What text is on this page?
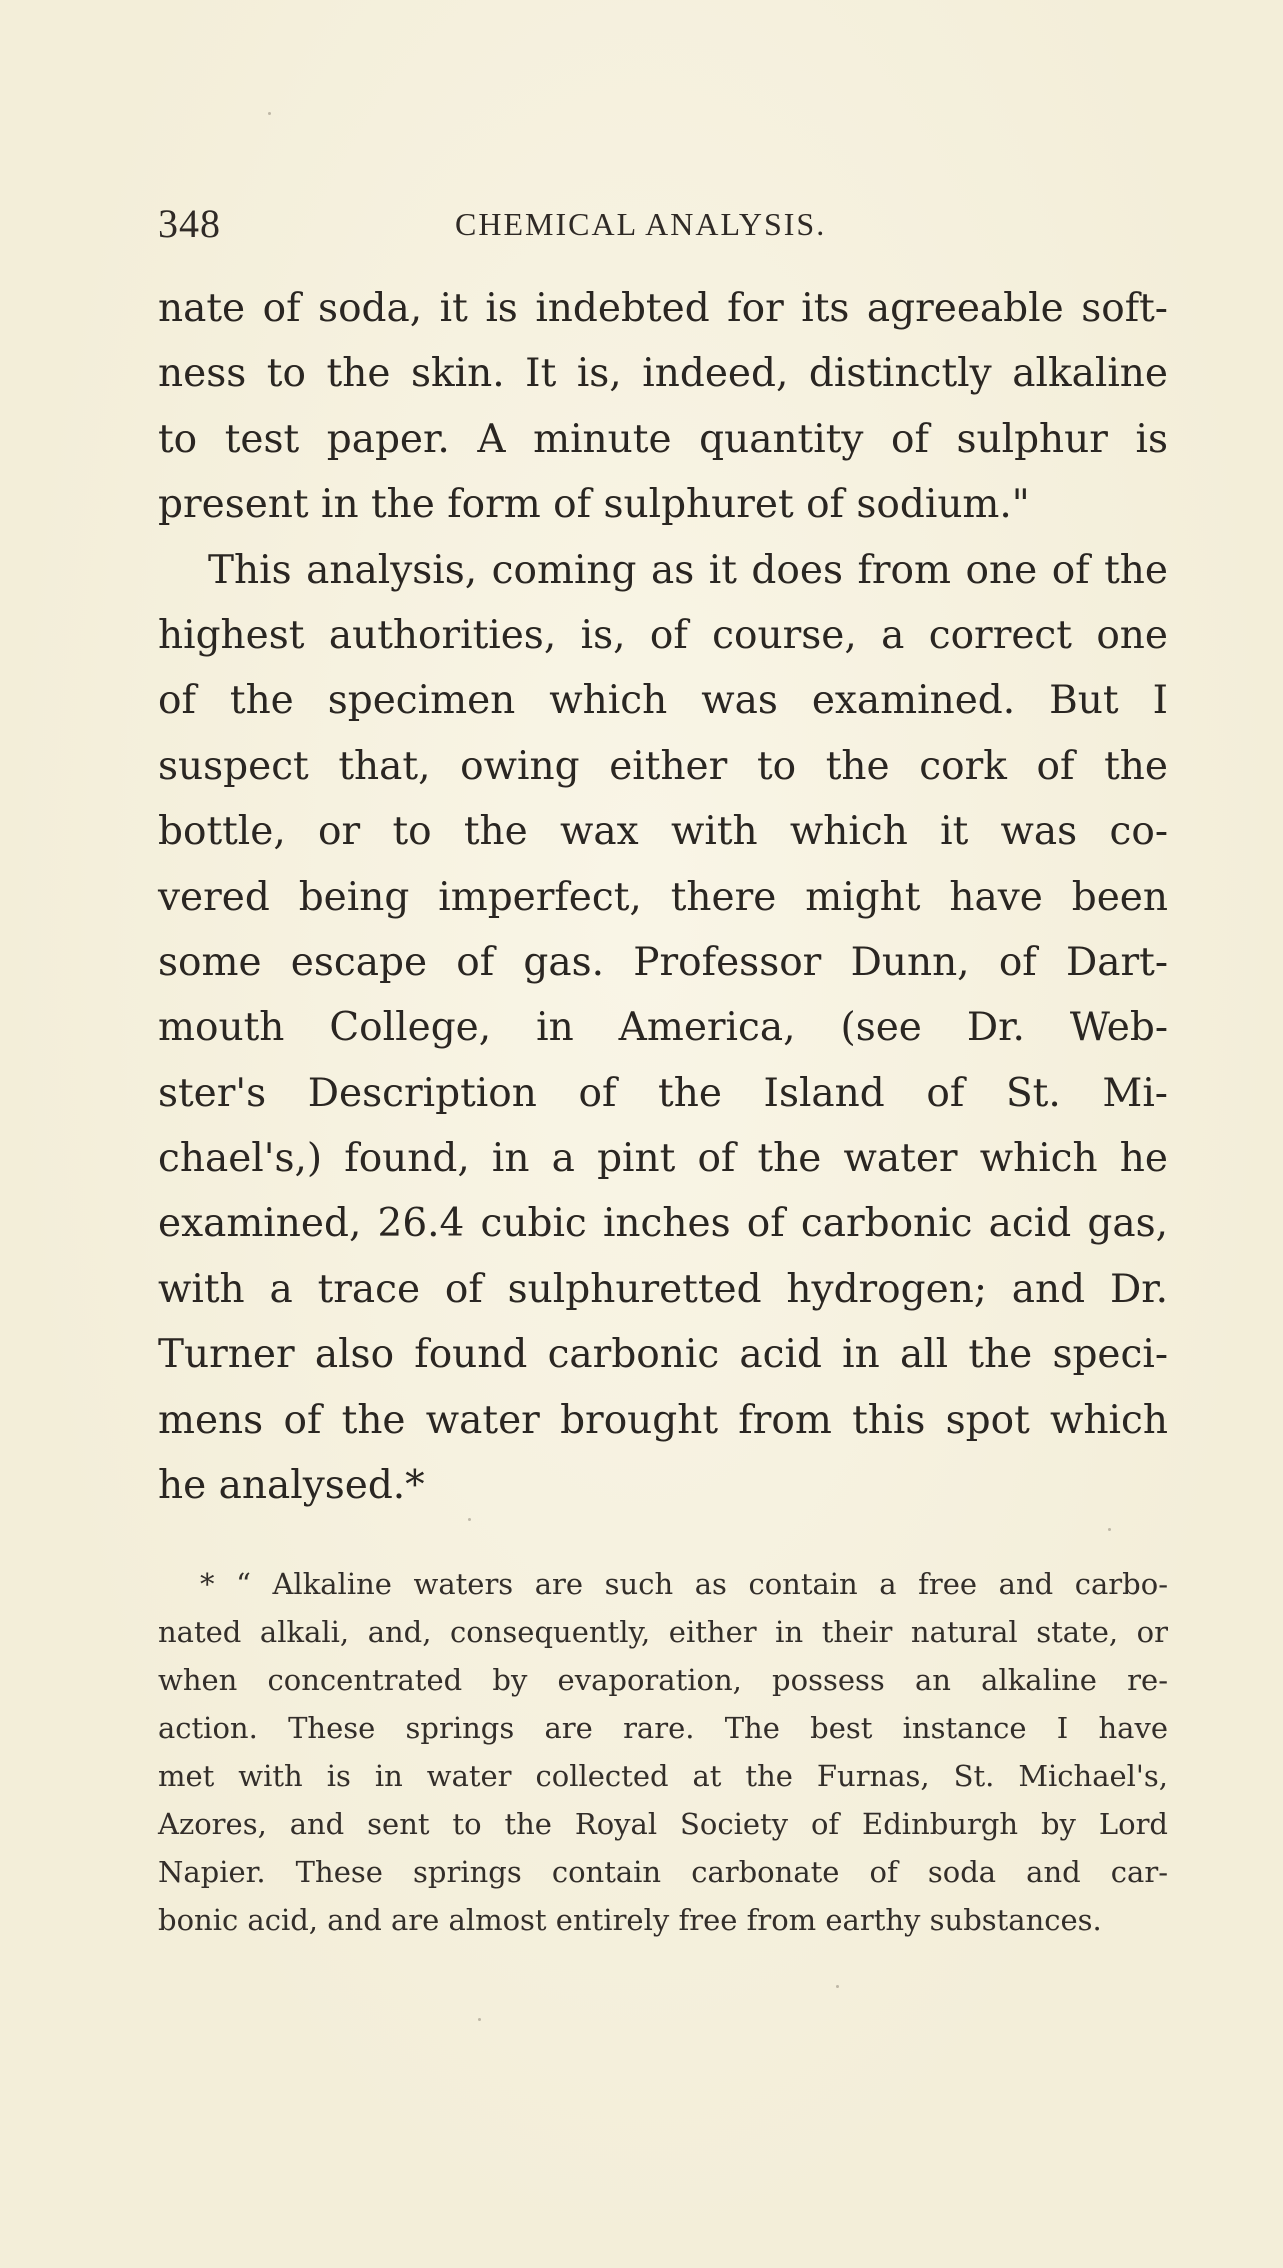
348	CHEMICAL ANALYSIS.
nate of soda, it is indebted for its agreeable soft-
ness to the skin. It is, indeed, distinctly alkaline
to test paper. A minute quantity of sulphur is
present in the form of sulphuret of sodium."
This analysis, coming as it does from one of the
highest authorities, is, of course, a correct one
of the specimen which was examined. But I
suspect that, owing either to the cork of the
bottle, or to the wax with which it was co-
vered being imperfect, there might have been
some escape of gas. Professor Dunn, of Dart-
mouth College, in America, (see Dr. Web-
ster's Description of the Island of St. Mi-
chael's,) found, in a pint of the water which he
examined, 26.4 cubic inches of carbonic acid gas,
with a trace of sulphuretted hydrogen; and Dr.
Turner also found carbonic acid in all the speci-
mens of the water brought from this spot which
he analysed.*
* “ Alkaline waters are such as contain a free and carbo-
nated alkali, and, consequently, either in their natural state, or
when concentrated by evaporation, possess an alkaline re-
action. These springs are rare. The best instance I have
met with is in water collected at the Furnas, St. Michael's,
Azores, and sent to the Royal Society of Edinburgh by Lord
Napier. These springs contain carbonate of soda and car-
bonic acid, and are almost entirely free from earthy substances.
